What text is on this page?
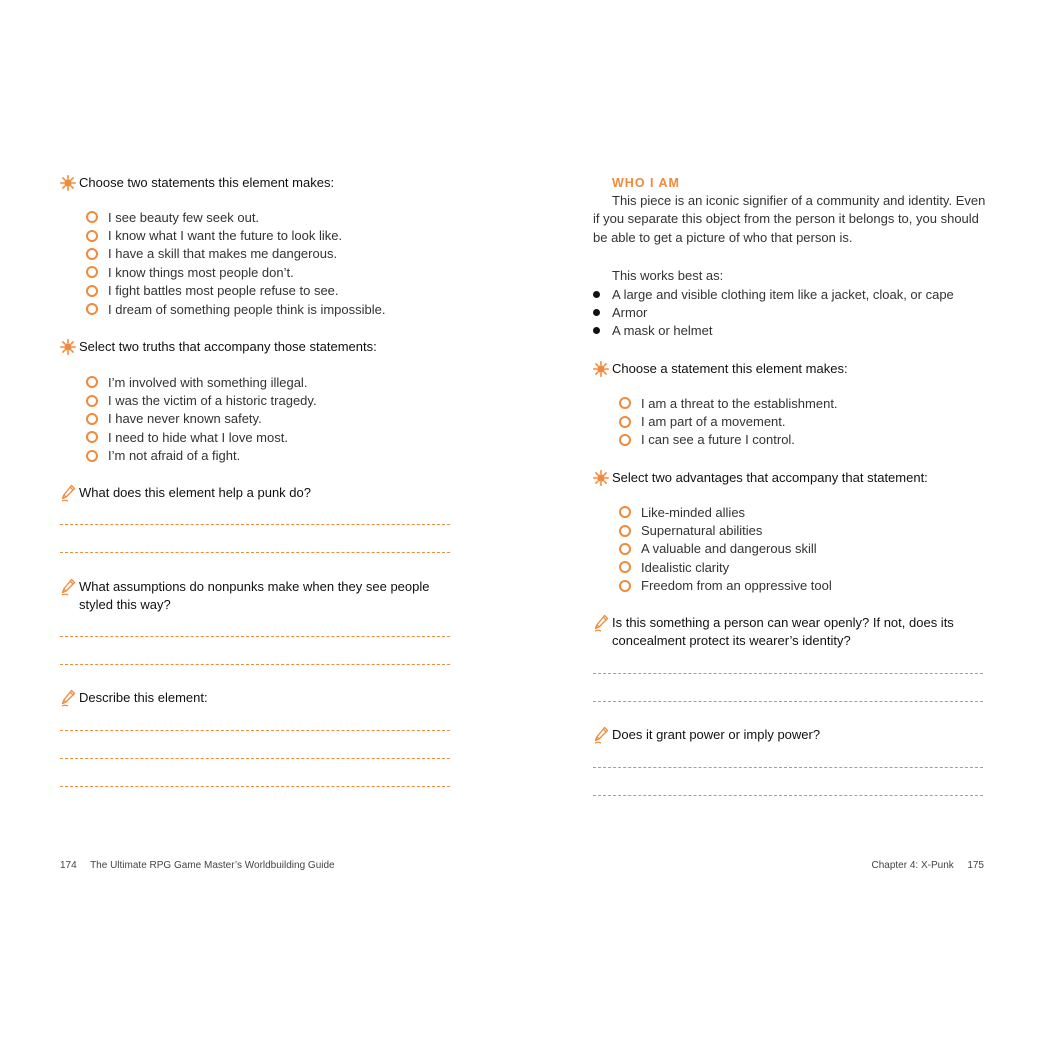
Choose two statements this element makes:
I see beauty few seek out.
I know what I want the future to look like.
I have a skill that makes me dangerous.
I know things most people don’t.
I fight battles most people refuse to see.
I dream of something people think is impossible.
Select two truths that accompany those statements:
I’m involved with something illegal.
I was the victim of a historic tragedy.
I have never known safety.
I need to hide what I love most.
I’m not afraid of a fight.
What does this element help a punk do?
What assumptions do nonpunks make when they see people
styled this way?
Describe this element:
174 The Ultimate RPG Game Master’s Worldbuilding Guide
WHO I AM
This piece is an iconic signifier of a community and identity. Even
if you separate this object from the person it belongs to, you should
be able to get a picture of who that person is.
This works best as:
A large and visible clothing item like a jacket, cloak, or cape
Armor
A mask or helmet
Choose a statement this element makes:
I am a threat to the establishment.
I am part of a movement.
I can see a future I control.
Select two advantages that accompany that statement:
Like-minded allies
Supernatural abilities
A valuable and dangerous skill
Idealistic clarity
Freedom from an oppressive tool
Is this something a person can wear openly? If not, does its
concealment protect its wearer’s identity?
Does it grant power or imply power?
Chapter 4: X-Punk 175
